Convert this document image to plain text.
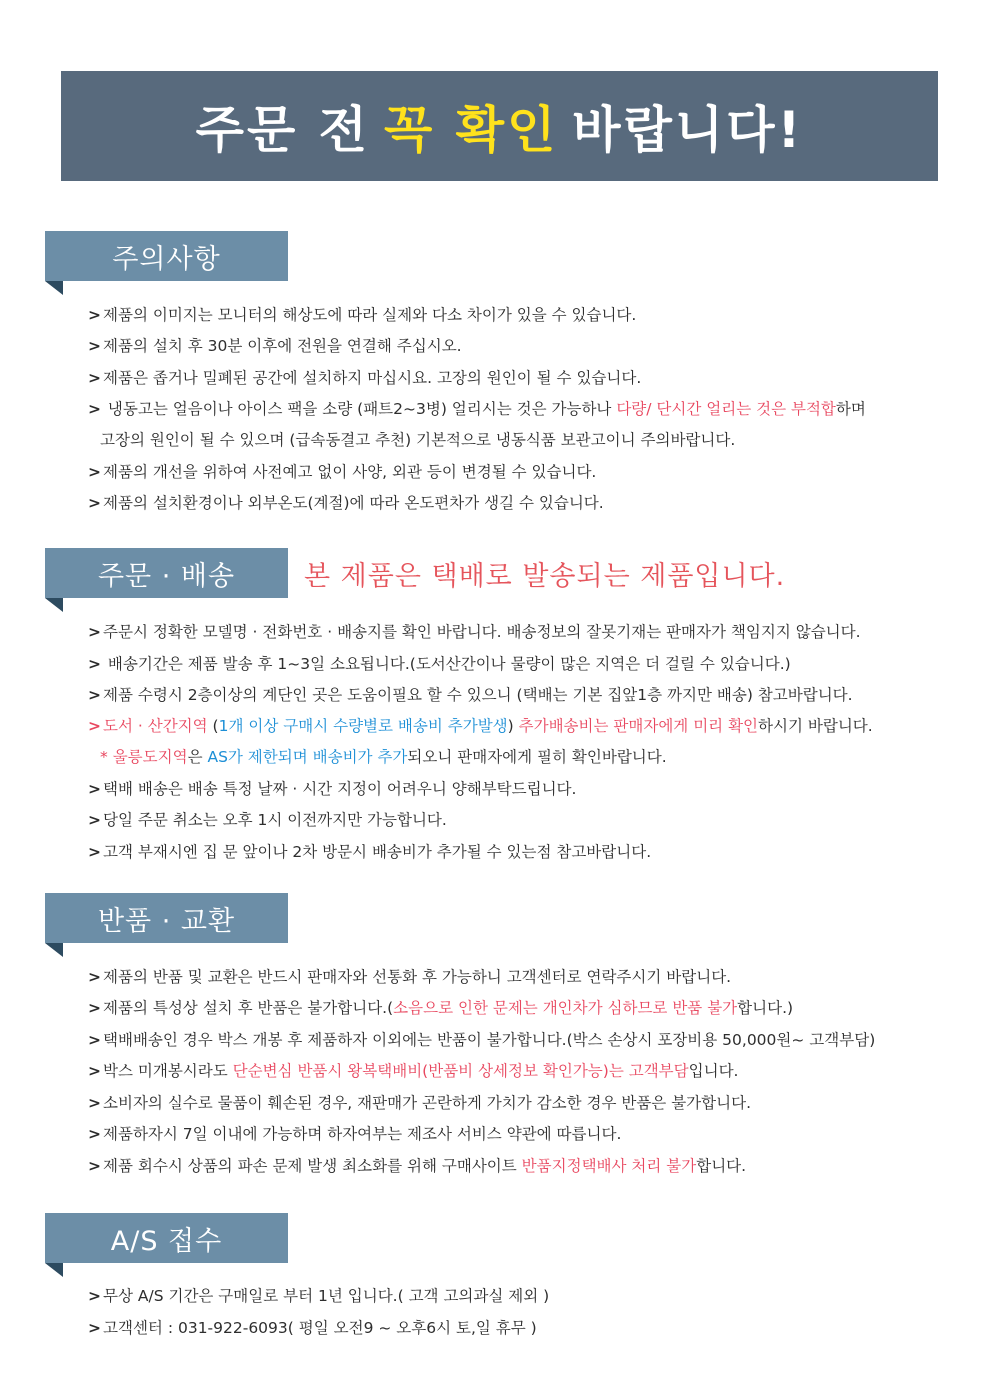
주문 전 꼭 확인 바랍니다!
주의사항
> 제품의 이미지는 모니터의 해상도에 따라 실제와 다소 차이가 있을 수 있습니다.
> 제품의 설치 후 30분 이후에 전원을 연결해 주십시오.
> 제품은 좁거나 밀폐된 공간에 설치하지 마십시요. 고장의 원인이 될 수 있습니다.
> 냉동고는 얼음이나 아이스 팩을 소량 (패트2~3병) 얼리시는 것은 가능하나 다량/ 단시간 얼리는 것은 부적합하며
고장의 원인이 될 수 있으며 (급속동결고 추천) 기본적으로 냉동식품 보관고이니 주의바랍니다.
> 제품의 개선을 위하여 사전예고 없이 사양, 외관 등이 변경될 수 있습니다.
> 제품의 설치환경이나 외부온도(계절)에 따라 온도편차가 생길 수 있습니다.
주문 · 배송	본 제품은 택배로 발송되는 제품입니다.
> 주문시 정확한 모델명 · 전화번호 · 배송지를 확인 바랍니다. 배송정보의 잘못기재는 판매자가 책임지지 않습니다.
> 배송기간은 제품 발송 후 1~3일 소요됩니다.(도서산간이나 물량이 많은 지역은 더 걸릴 수 있습니다.)
> 제품 수령시 2층이상의 계단인 곳은 도움이필요 할 수 있으니 (택배는 기본 집앞1층 까지만 배송) 참고바랍니다.
> 도서 · 산간지역 (1개 이상 구매시 수량별로 배송비 추가발생) 추가배송비는 판매자에게 미리 확인하시기 바랍니다.
* 울릉도지역은 AS가 제한되며 배송비가 추가되오니 판매자에게 필히 확인바랍니다.
> 택배 배송은 배송 특정 날짜 · 시간 지정이 어려우니 양해부탁드립니다.
> 당일 주문 취소는 오후 1시 이전까지만 가능합니다.
> 고객 부재시엔 집 문 앞이나 2차 방문시 배송비가 추가될 수 있는점 참고바랍니다.
반품 · 교환
> 제품의 반품 및 교환은 반드시 판매자와 선통화 후 가능하니 고객센터로 연락주시기 바랍니다.
> 제품의 특성상 설치 후 반품은 불가합니다.(소음으로 인한 문제는 개인차가 심하므로 반품 불가합니다.)
> 택배배송인 경우 박스 개봉 후 제품하자 이외에는 반품이 불가합니다.(박스 손상시 포장비용 50,000원~ 고객부담)
> 박스 미개봉시라도 단순변심 반품시 왕복택배비(반품비 상세정보 확인가능)는 고객부담입니다.
> 소비자의 실수로 물품이 훼손된 경우, 재판매가 곤란하게 가치가 감소한 경우 반품은 불가합니다.
> 제품하자시 7일 이내에 가능하며 하자여부는 제조사 서비스 약관에 따릅니다.
> 제품 회수시 상품의 파손 문제 발생 최소화를 위해 구매사이트 반품지정택배사 처리 불가합니다.
A/S 접수
> 무상 A/S 기간은 구매일로 부터 1년 입니다.( 고객 고의과실 제외 )
> 고객센터 : 031-922-6093( 평일 오전9 ~ 오후6시 토,일 휴무 )
